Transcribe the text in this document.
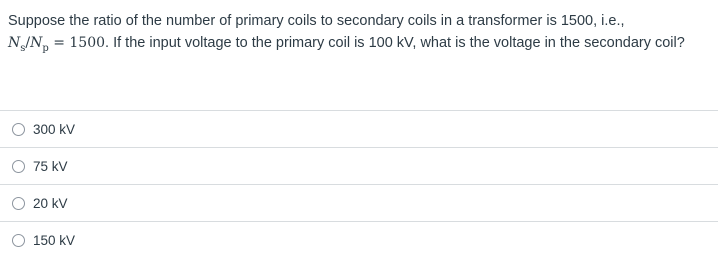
Suppose the ratio of the number of primary coils to secondary coils in a transformer is 1500, i.e.,
$N_s/N_p = 1500$. If the input voltage to the primary coil is 100 kV, what is the voltage in the secondary coil?
300 kV
75 kV
20 kV
150 kV
